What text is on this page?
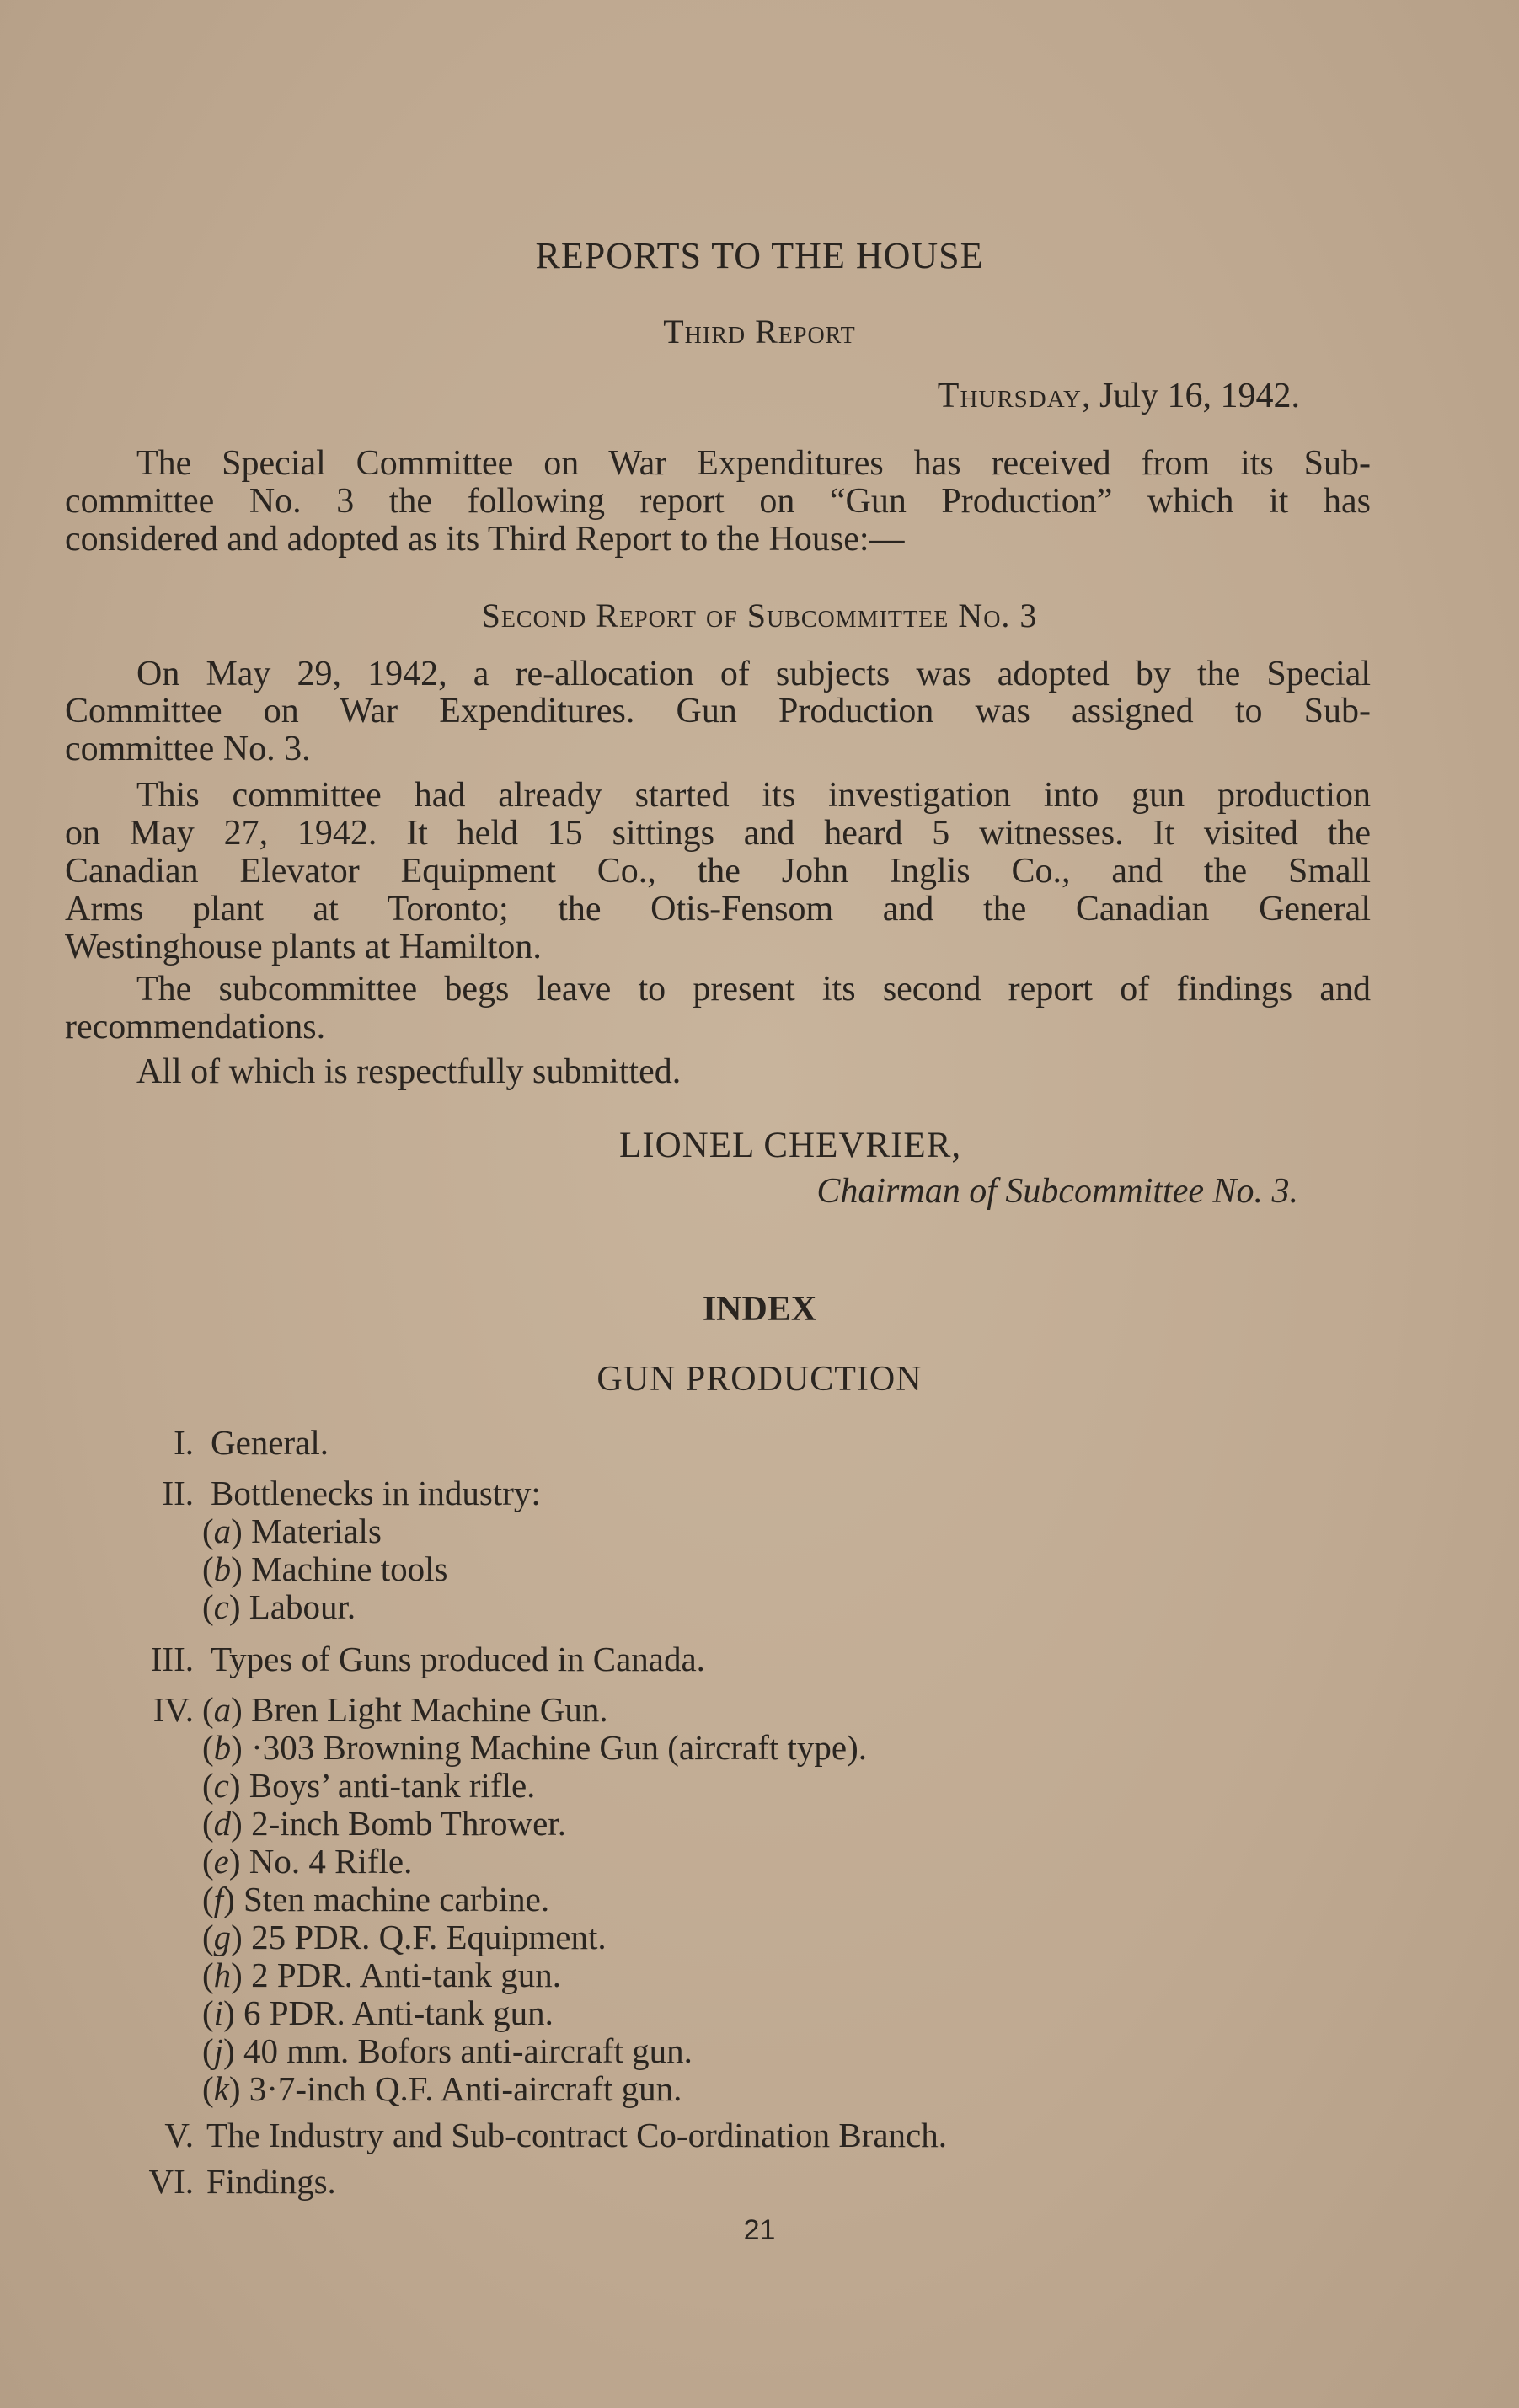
REPORTS TO THE HOUSE
Third Report
Thursday, July 16, 1942.
The Special Committee on War Expenditures has received from its Sub-
committee No. 3 the following report on “Gun Production” which it has
considered and adopted as its Third Report to the House:—
Second Report of Subcommittee No. 3
On May 29, 1942, a re-allocation of subjects was adopted by the Special
Committee on War Expenditures. Gun Production was assigned to Sub-
committee No. 3.
This committee had already started its investigation into gun production
on May 27, 1942. It held 15 sittings and heard 5 witnesses. It visited the
Canadian Elevator Equipment Co., the John Inglis Co., and the Small
Arms plant at Toronto; the Otis-Fensom and the Canadian General
Westinghouse plants at Hamilton.
The subcommittee begs leave to present its second report of findings and
recommendations.
All of which is respectfully submitted.
LIONEL CHEVRIER,
Chairman of Subcommittee No. 3.
INDEX
GUN PRODUCTION
I. General.
II. Bottlenecks in industry:
(a) Materials
(b) Machine tools
(c) Labour.
III. Types of Guns produced in Canada.
IV. (a) Bren Light Machine Gun.
(b) ·303 Browning Machine Gun (aircraft type).
(c) Boys’ anti-tank rifle.
(d) 2-inch Bomb Thrower.
(e) No. 4 Rifle.
(f) Sten machine carbine.
(g) 25 PDR. Q.F. Equipment.
(h) 2 PDR. Anti-tank gun.
(i) 6 PDR. Anti-tank gun.
(j) 40 mm. Bofors anti-aircraft gun.
(k) 3·7-inch Q.F. Anti-aircraft gun.
V. The Industry and Sub-contract Co-ordination Branch.
VI. Findings.
21
